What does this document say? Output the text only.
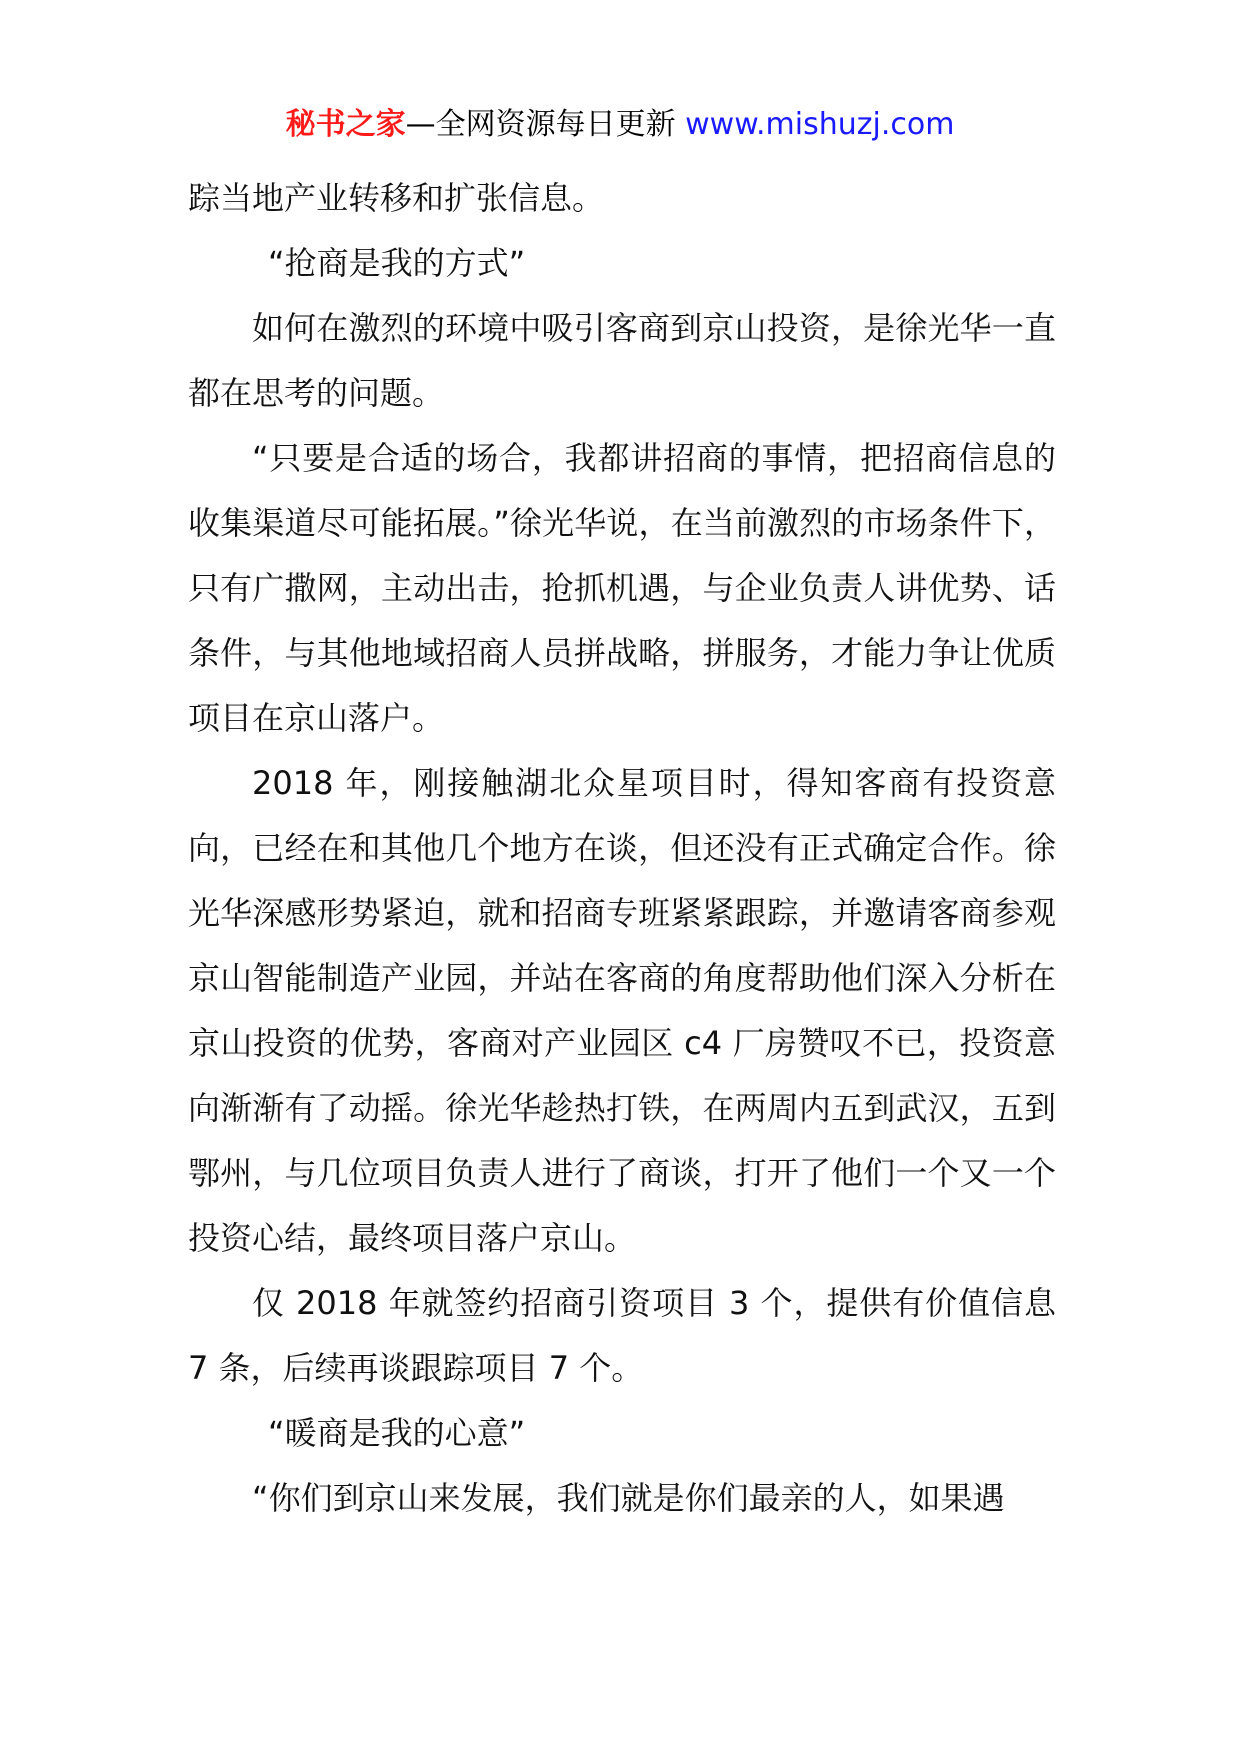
秘书之家—全网资源每日更新 www.mishuzj.com

踪当地产业转移和扩张信息。

“抢商是我的方式”

如何在激烈的环境中吸引客商到京山投资，是徐光华一直都在思考的问题。

“只要是合适的场合，我都讲招商的事情，把招商信息的收集渠道尽可能拓展。”徐光华说，在当前激烈的市场条件下，只有广撒网，主动出击，抢抓机遇，与企业负责人讲优势、话条件，与其他地域招商人员拼战略，拼服务，才能力争让优质项目在京山落户。

2018 年，刚接触湖北众星项目时，得知客商有投资意向，已经在和其他几个地方在谈，但还没有正式确定合作。徐光华深感形势紧迫，就和招商专班紧紧跟踪，并邀请客商参观京山智能制造产业园，并站在客商的角度帮助他们深入分析在京山投资的优势，客商对产业园区 c4 厂房赞叹不已，投资意向渐渐有了动摇。徐光华趁热打铁，在两周内五到武汉，五到鄂州，与几位项目负责人进行了商谈，打开了他们一个又一个投资心结，最终项目落户京山。

仅 2018 年就签约招商引资项目 3 个，提供有价值信息 7 条，后续再谈跟踪项目 7 个。

“暖商是我的心意”

“你们到京山来发展，我们就是你们最亲的人，如果遇
